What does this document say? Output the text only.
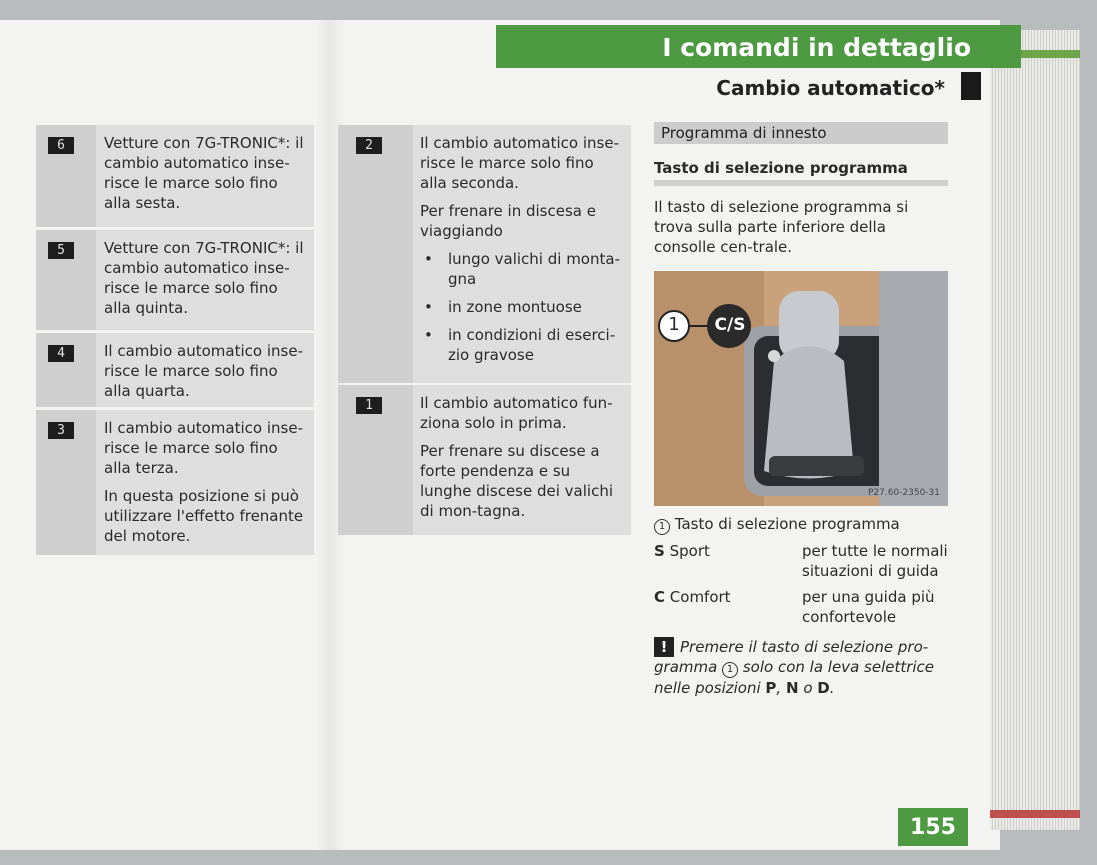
I comandi in dettaglio
Cambio automatico*
6	Vetture con 7G-TRONIC*: il cambio automatico inse-risce le marce solo fino alla sesta.

5	Vetture con 7G-TRONIC*: il cambio automatico inse-risce le marce solo fino alla quinta.

4	Il cambio automatico inse-risce le marce solo fino alla quarta.

3	Il cambio automatico inse-risce le marce solo fino alla terza.

In questa posizione si può utilizzare l'effetto frenante del motore.

2	Il cambio automatico inse-risce le marce solo fino alla seconda.

Per frenare in discesa e viaggiando

• lungo valichi di monta-gna
• in zone montuose
• in condizioni di eserci-zio gravose
1	Il cambio automatico fun-ziona solo in prima.

Per frenare su discese a forte pendenza e su lunghe discese dei valichi di mon-tagna.

Programma di innesto
Tasto di selezione programma
Il tasto di selezione programma si trova sulla parte inferiore della consolle cen-trale.
1	C/S
P27.60-2350-31
1 Tasto di selezione programma
S Sport	per tutte le normali situazioni di guida
C Comfort	per una guida più confortevole
! Premere il tasto di selezione pro-gramma 1 solo con la leva selettrice nelle posizioni P, N o D.
155
